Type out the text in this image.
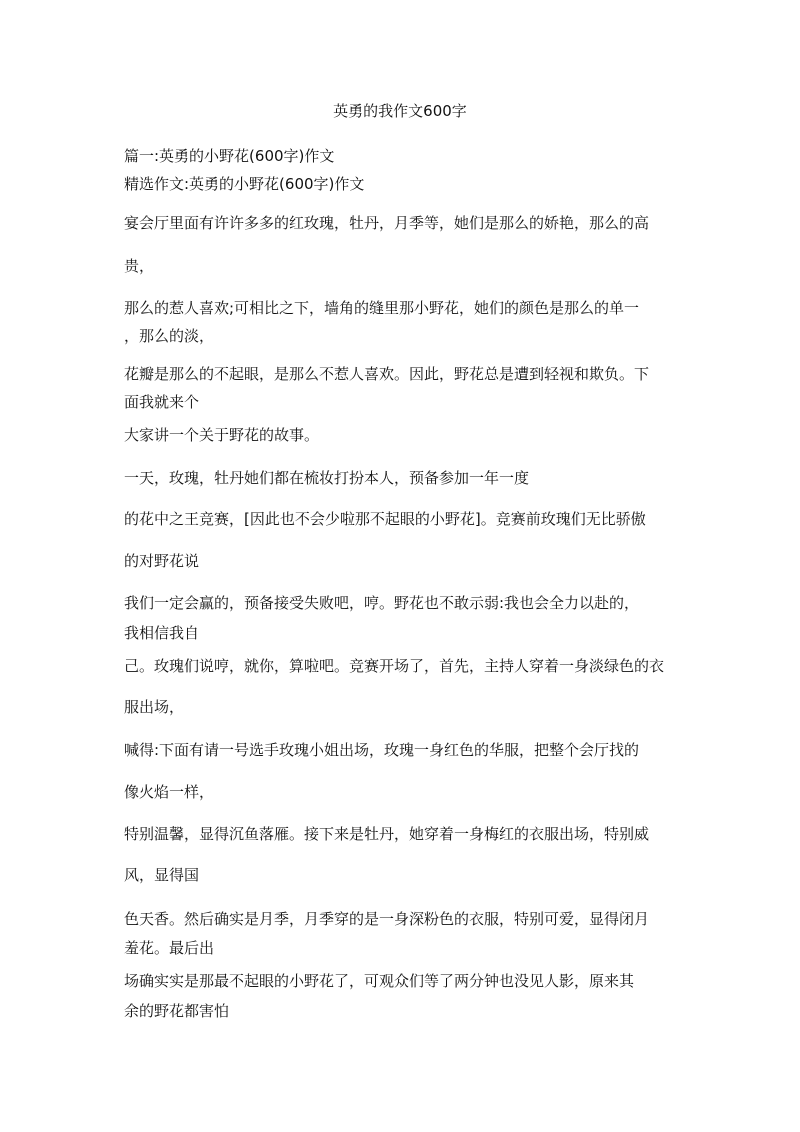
英勇的我作文600字
篇一:英勇的小野花(600字)作文
精选作文:英勇的小野花(600字)作文
宴会厅里面有许许多多的红玫瑰，牡丹，月季等，她们是那么的娇艳，那么的高
贵，
那么的惹人喜欢;可相比之下，墙角的缝里那小野花，她们的颜色是那么的单一
，那么的淡，
花瓣是那么的不起眼，是那么不惹人喜欢。因此，野花总是遭到轻视和欺负。下
面我就来个
大家讲一个关于野花的故事。
一天，玫瑰，牡丹她们都在梳妆打扮本人，预备参加一年一度
的花中之王竞赛，[因此也不会少啦那不起眼的小野花]。竞赛前玫瑰们无比骄傲
的对野花说
我们一定会赢的，预备接受失败吧，哼。野花也不敢示弱:我也会全力以赴的，
我相信我自
己。玫瑰们说哼，就你，算啦吧。竞赛开场了，首先，主持人穿着一身淡绿色的衣
服出场，
喊得:下面有请一号选手玫瑰小姐出场，玫瑰一身红色的华服，把整个会厅找的
像火焰一样，
特别温馨，显得沉鱼落雁。接下来是牡丹，她穿着一身梅红的衣服出场，特别威
风，显得国
色天香。然后确实是月季，月季穿的是一身深粉色的衣服，特别可爱，显得闭月
羞花。最后出
场确实实是那最不起眼的小野花了，可观众们等了两分钟也没见人影，原来其
余的野花都害怕
